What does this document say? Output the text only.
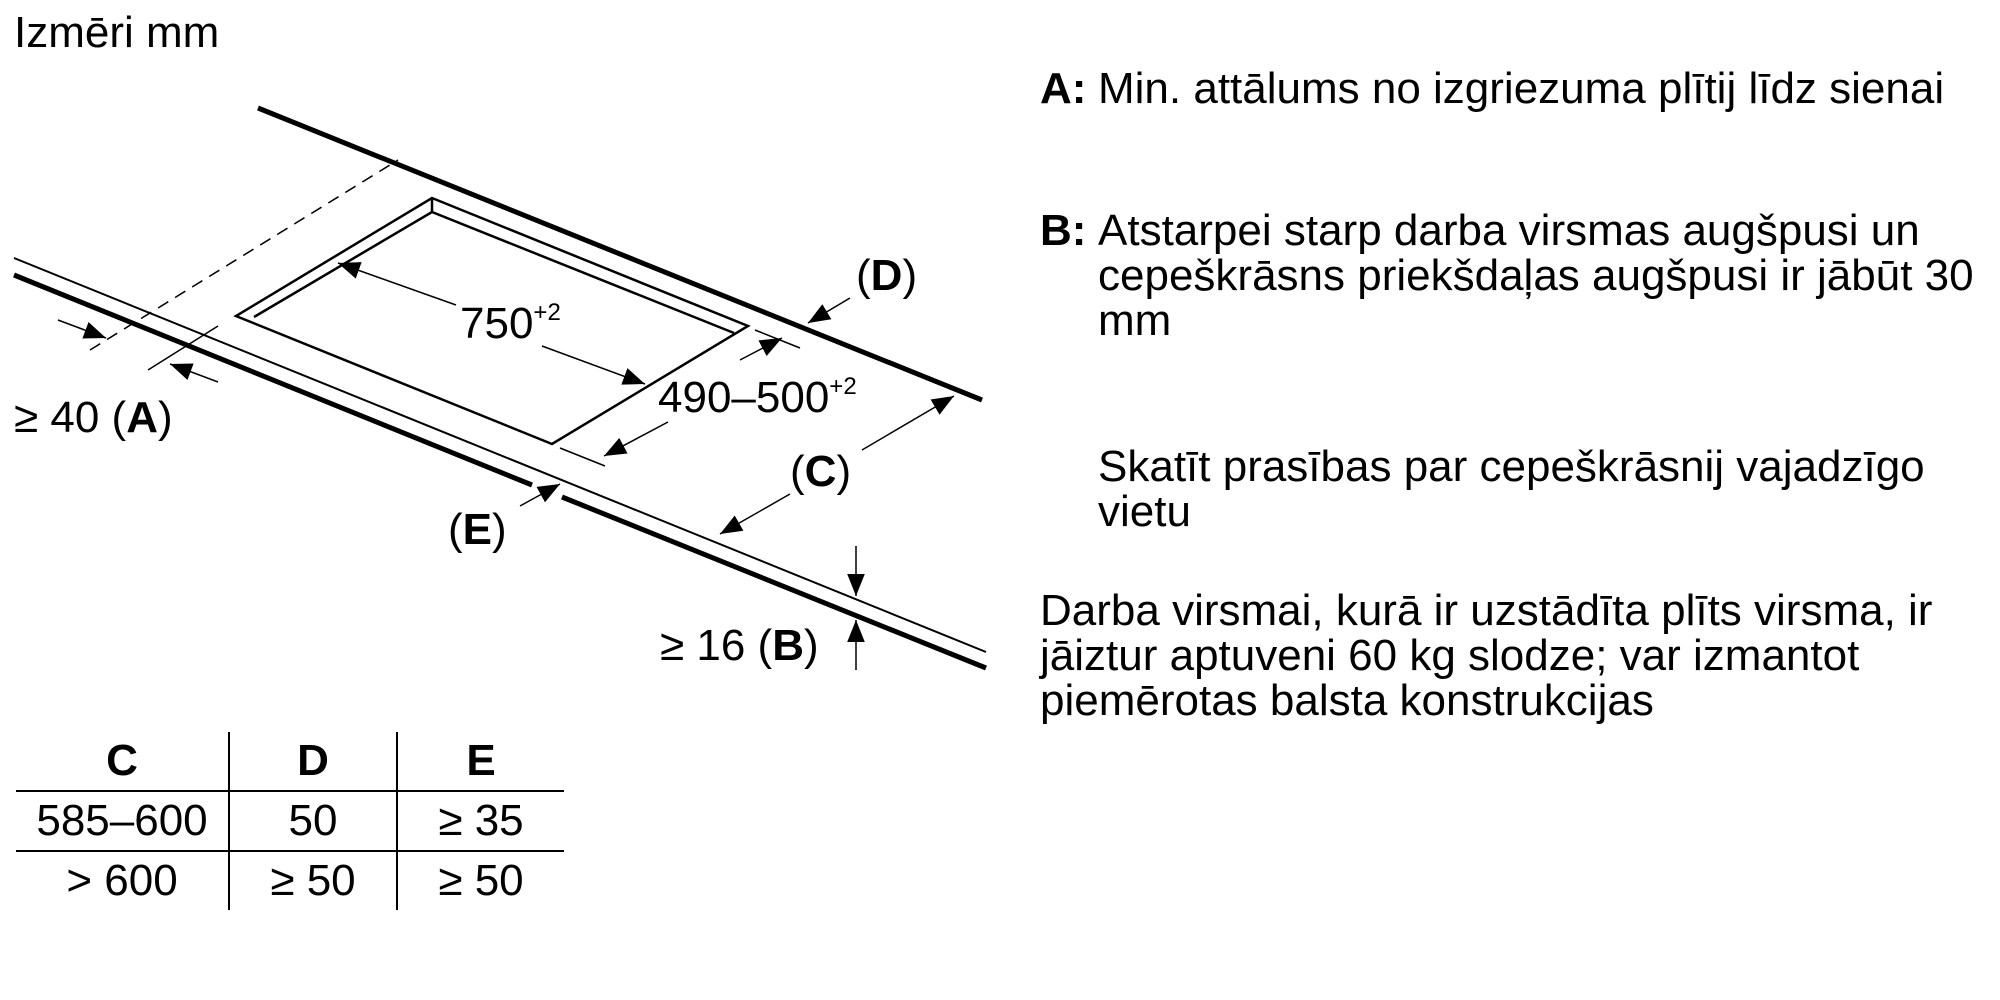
Izmēri mm
$750^{+2}$
$490-500^{+2}$
(D)
(C)
(E)
≥ 40 (A)
≥ 16 (B)
A: Min. attālums no izgriezuma plītij līdz sienai
B: Atstarpei starp darba virsmas augšpusi un cepeškrāsns priekšdaļas augšpusi ir jābūt 30 mm
Skatīt prasības par cepeškrāsnij vajadzīgo vietu
Darba virsmai, kurā ir uzstādīta plīts virsma, ir jāiztur aptuveni 60 kg slodze; var izmantot piemērotas balsta konstrukcijas
C	D	E
585–600	50	≥ 35
> 600	≥ 50	≥ 50
